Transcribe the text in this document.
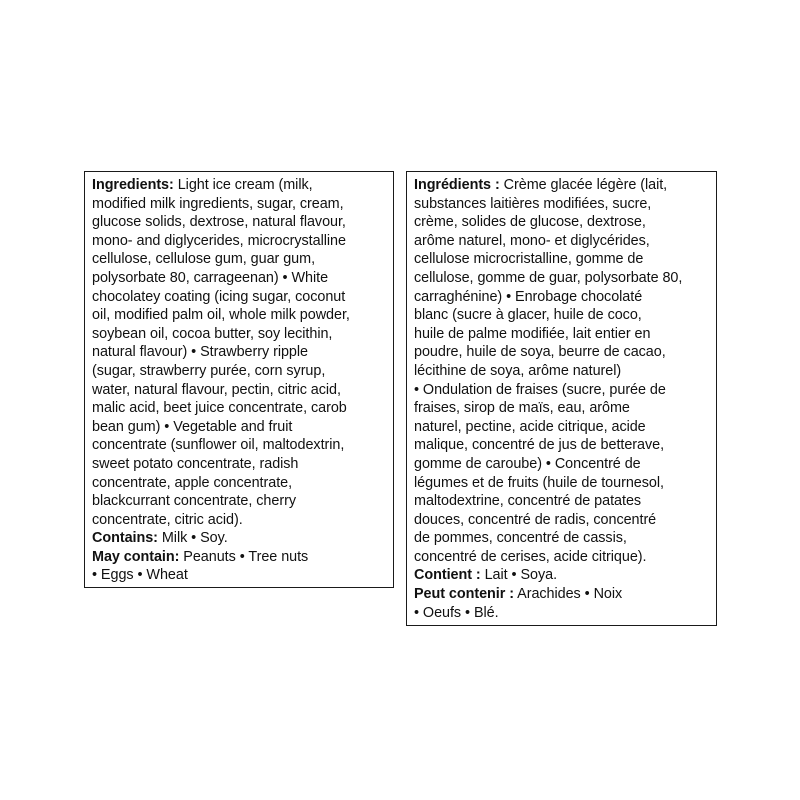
Ingredients: Light ice cream (milk,
modified milk ingredients, sugar, cream,
glucose solids, dextrose, natural flavour,
mono- and diglycerides, microcrystalline
cellulose, cellulose gum, guar gum,
polysorbate 80, carrageenan) • White
chocolatey coating (icing sugar, coconut
oil, modified palm oil, whole milk powder,
soybean oil, cocoa butter, soy lecithin,
natural flavour) • Strawberry ripple
(sugar, strawberry purée, corn syrup,
water, natural flavour, pectin, citric acid,
malic acid, beet juice concentrate, carob
bean gum) • Vegetable and fruit
concentrate (sunflower oil, maltodextrin,
sweet potato concentrate, radish
concentrate, apple concentrate,
blackcurrant concentrate, cherry
concentrate, citric acid).
Contains: Milk • Soy.
May contain: Peanuts • Tree nuts
• Eggs • Wheat
Ingrédients : Crème glacée légère (lait,
substances laitières modifiées, sucre,
crème, solides de glucose, dextrose,
arôme naturel, mono- et diglycérides,
cellulose microcristalline, gomme de
cellulose, gomme de guar, polysorbate 80,
carraghénine) • Enrobage chocolaté
blanc (sucre à glacer, huile de coco,
huile de palme modifiée, lait entier en
poudre, huile de soya, beurre de cacao,
lécithine de soya, arôme naturel)
• Ondulation de fraises (sucre, purée de
fraises, sirop de maïs, eau, arôme
naturel, pectine, acide citrique, acide
malique, concentré de jus de betterave,
gomme de caroube) • Concentré de
légumes et de fruits (huile de tournesol,
maltodextrine, concentré de patates
douces, concentré de radis, concentré
de pommes, concentré de cassis,
concentré de cerises, acide citrique).
Contient : Lait • Soya.
Peut contenir : Arachides • Noix
• Oeufs • Blé.
